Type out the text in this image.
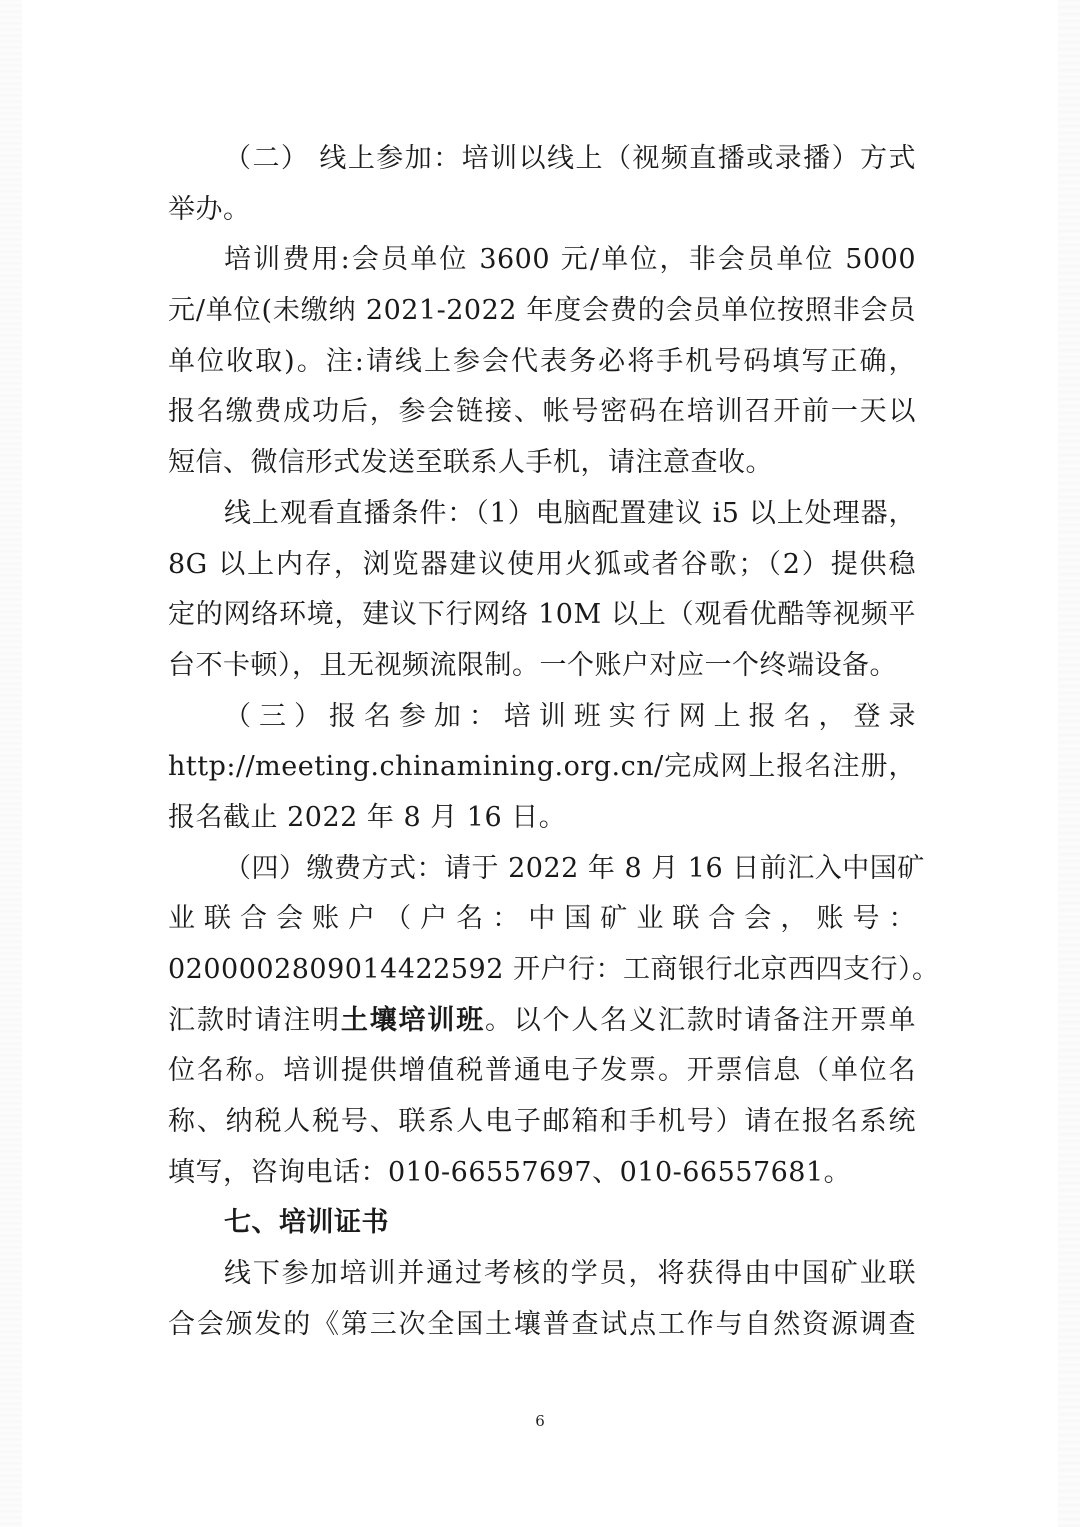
（二） 线上参加：培训以线上（视频直播或录播）方式
举办。
培训费用:会员单位 3600 元/单位，非会员单位 5000
元/单位(未缴纳 2021-2022 年度会费的会员单位按照非会员
单位收取)。注:请线上参会代表务必将手机号码填写正确，
报名缴费成功后，参会链接、帐号密码在培训召开前一天以
短信、微信形式发送至联系人手机，请注意查收。
线上观看直播条件：（1）电脑配置建议 i5 以上处理器，
8G 以上内存，浏览器建议使用火狐或者谷歌；（2）提供稳
定的网络环境，建议下行网络 10M 以上（观看优酷等视频平
台不卡顿），且无视频流限制。一个账户对应一个终端设备。
（三）报名参加：培训班实行网上报名，登录
http://meeting.chinamining.org.cn/完成网上报名注册，
报名截止 2022 年 8 月 16 日。
（四）缴费方式：请于 2022 年 8 月 16 日前汇入中国矿
业联合会账户（户名：中国矿业联合会，账号：
0200002809014422592 开户行：工商银行北京西四支行）。
汇款时请注明土壤培训班。以个人名义汇款时请备注开票单
位名称。培训提供增值税普通电子发票。开票信息（单位名
称、纳税人税号、联系人电子邮箱和手机号）请在报名系统
填写，咨询电话：010-66557697、010-66557681。
七、培训证书
线下参加培训并通过考核的学员，将获得由中国矿业联
合会颁发的《第三次全国土壤普查试点工作与自然资源调查
6
